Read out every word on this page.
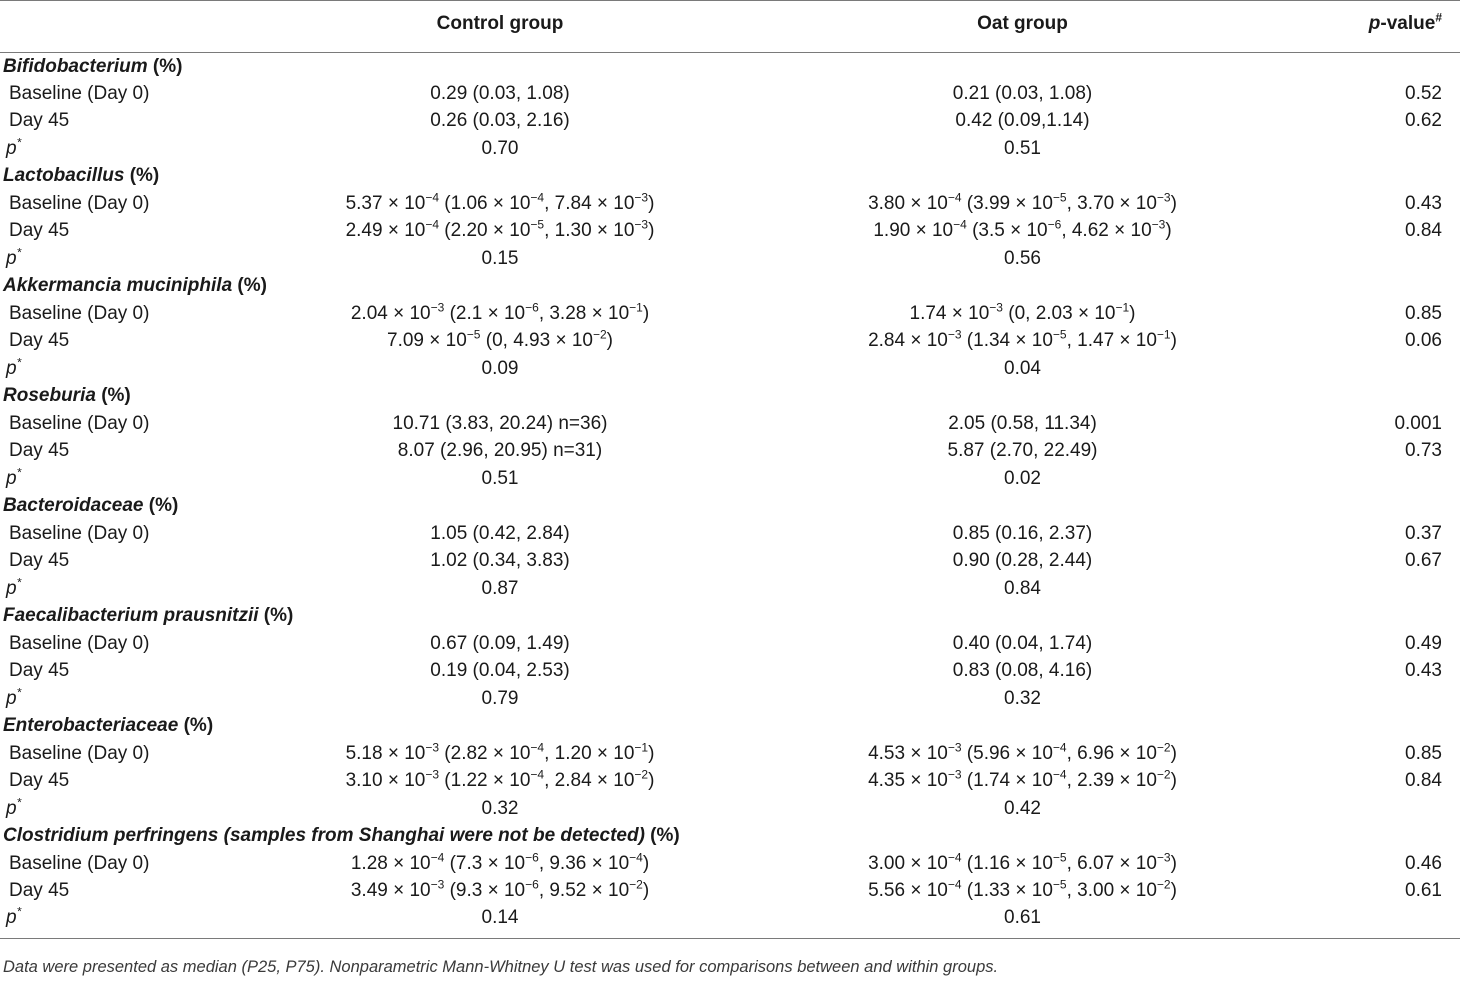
	Control group	Oat group	p-value#
Bifidobacterium (%)			
Baseline (Day 0)	0.29 (0.03, 1.08)	0.21 (0.03, 1.08)	0.52
Day 45	0.26 (0.03, 2.16)	0.42 (0.09,1.14)	0.62
p*	0.70	0.51	
Lactobacillus (%)			
Baseline (Day 0)	$5.37 \times 10^{-4}$ ($1.06 \times 10^{-4}$, $7.84 \times 10^{-3}$)	$3.80 \times 10^{-4}$ ($3.99 \times 10^{-5}$, $3.70 \times 10^{-3}$)	0.43
Day 45	$2.49 \times 10^{-4}$ ($2.20 \times 10^{-5}$, $1.30 \times 10^{-3}$)	$1.90 \times 10^{-4}$ ($3.5 \times 10^{-6}$, $4.62 \times 10^{-3}$)	0.84
p*	0.15	0.56	
Akkermancia muciniphila (%)			
Baseline (Day 0)	$2.04 \times 10^{-3}$ ($2.1 \times 10^{-6}$, $3.28 \times 10^{-1}$)	$1.74 \times 10^{-3}$ (0, $2.03 \times 10^{-1}$)	0.85
Day 45	$7.09 \times 10^{-5}$ (0, $4.93 \times 10^{-2}$)	$2.84 \times 10^{-3}$ ($1.34 \times 10^{-5}$, $1.47 \times 10^{-1}$)	0.06
p*	0.09	0.04	
Roseburia (%)			
Baseline (Day 0)	10.71 (3.83, 20.24) n=36)	2.05 (0.58, 11.34)	0.001
Day 45	8.07 (2.96, 20.95) n=31)	5.87 (2.70, 22.49)	0.73
p*	0.51	0.02	
Bacteroidaceae (%)			
Baseline (Day 0)	1.05 (0.42, 2.84)	0.85 (0.16, 2.37)	0.37
Day 45	1.02 (0.34, 3.83)	0.90 (0.28, 2.44)	0.67
p*	0.87	0.84	
Faecalibacterium prausnitzii (%)			
Baseline (Day 0)	0.67 (0.09, 1.49)	0.40 (0.04, 1.74)	0.49
Day 45	0.19 (0.04, 2.53)	0.83 (0.08, 4.16)	0.43
p*	0.79	0.32	
Enterobacteriaceae (%)			
Baseline (Day 0)	$5.18 \times 10^{-3}$ ($2.82 \times 10^{-4}$, $1.20 \times 10^{-1}$)	$4.53 \times 10^{-3}$ ($5.96 \times 10^{-4}$, $6.96 \times 10^{-2}$)	0.85
Day 45	$3.10 \times 10^{-3}$ ($1.22 \times 10^{-4}$, $2.84 \times 10^{-2}$)	$4.35 \times 10^{-3}$ ($1.74 \times 10^{-4}$, $2.39 \times 10^{-2}$)	0.84
p*	0.32	0.42	
Clostridium perfringens (samples from Shanghai were not be detected) (%)			
Baseline (Day 0)	$1.28 \times 10^{-4}$ ($7.3 \times 10^{-6}$, $9.36 \times 10^{-4}$)	$3.00 \times 10^{-4}$ ($1.16 \times 10^{-5}$, $6.07 \times 10^{-3}$)	0.46
Day 45	$3.49 \times 10^{-3}$ ($9.3 \times 10^{-6}$, $9.52 \times 10^{-2}$)	$5.56 \times 10^{-4}$ ($1.33 \times 10^{-5}$, $3.00 \times 10^{-2}$)	0.61
p*	0.14	0.61	
Data were presented as median (P25, P75). Nonparametric Mann-Whitney U test was used for comparisons between and within groups.
